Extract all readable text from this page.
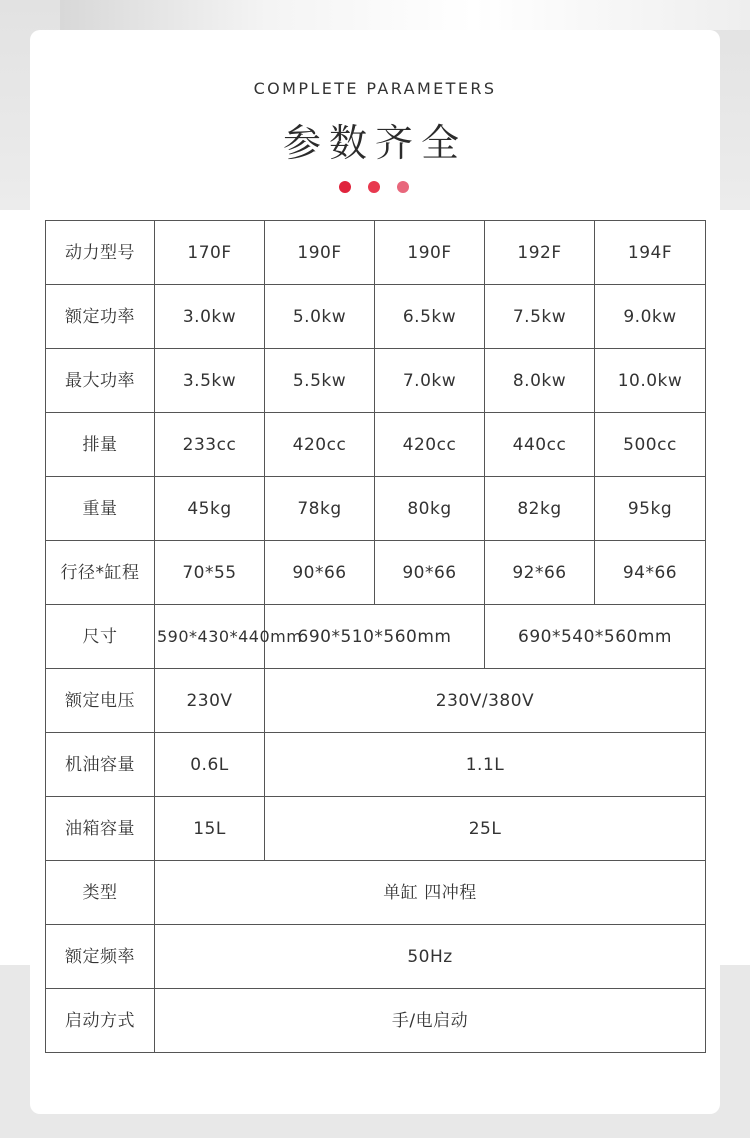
COMPLETE PARAMETERS
参数齐全
动力型号	170F	190F	190F	192F	194F
额定功率	3.0kw	5.0kw	6.5kw	7.5kw	9.0kw
最大功率	3.5kw	5.5kw	7.0kw	8.0kw	10.0kw
排量	233cc	420cc	420cc	440cc	500cc
重量	45kg	78kg	80kg	82kg	95kg
行径*缸程	70*55	90*66	90*66	92*66	94*66
尺寸	590*430*440mm	690*510*560mm		690*540*560mm	
额定电压	230V	230V/380V			
机油容量	0.6L	1.1L			
油箱容量	15L	25L			
类型	单缸 四冲程				
额定频率	50Hz				
启动方式	手/电启动				
